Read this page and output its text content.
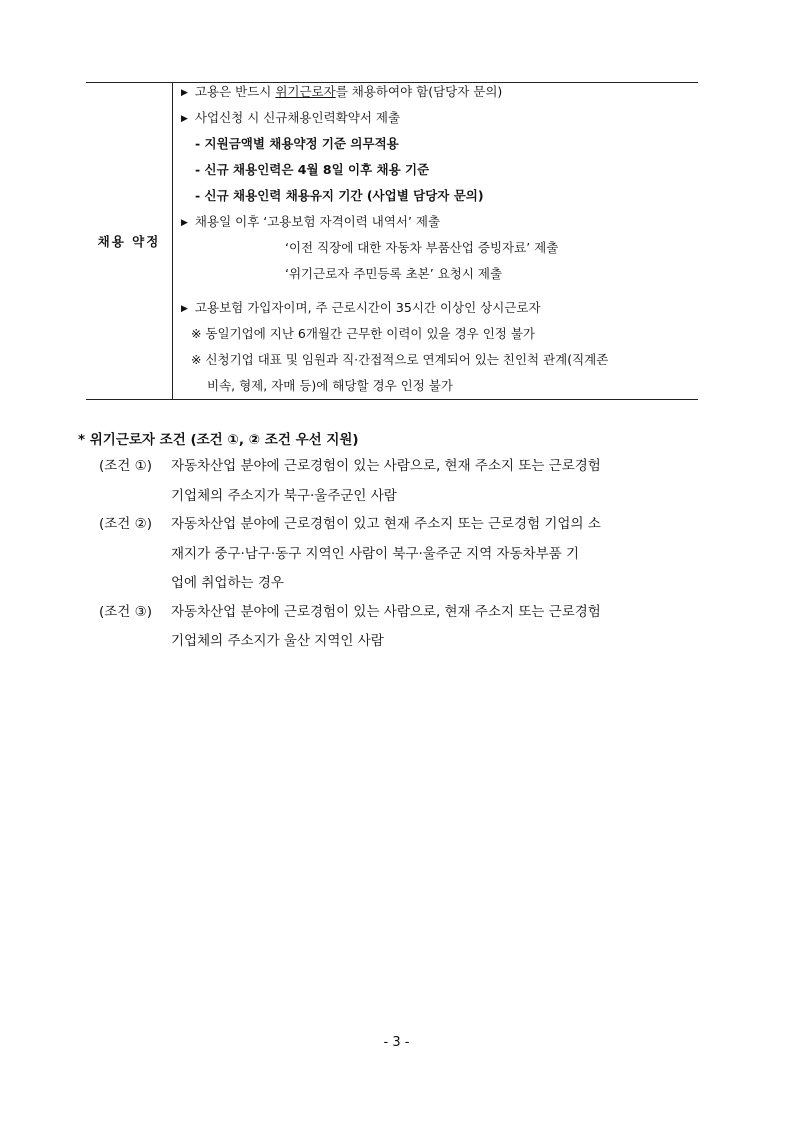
채용 약정
▶ 고용은 반드시 위기근로자를 채용하여야 함(담당자 문의)
▶ 사업신청 시 신규채용인력확약서 제출
- 지원금액별 채용약정 기준 의무적용
- 신규 채용인력은 4월 8일 이후 채용 기준
- 신규 채용인력 채용유지 기간 (사업별 담당자 문의)
▶ 채용일 이후 ‘고용보험 자격이력 내역서’ 제출
‘이전 직장에 대한 자동차 부품산업 증빙자료’ 제출
‘위기근로자 주민등록 초본’ 요청시 제출
▶ 고용보험 가입자이며, 주 근로시간이 35시간 이상인 상시근로자
※ 동일기업에 지난 6개월간 근무한 이력이 있을 경우 인정 불가
※ 신청기업 대표 및 임원과 직·간접적으로 연계되어 있는 친인척 관계(직계존
비속, 형제, 자매 등)에 해당할 경우 인정 불가
* 위기근로자 조건 (조건 ①, ② 조건 우선 지원)
(조건 ①) 자동차산업 분야에 근로경험이 있는 사람으로, 현재 주소지 또는 근로경험
기업체의 주소지가 북구·울주군인 사람
(조건 ②) 자동차산업 분야에 근로경험이 있고 현재 주소지 또는 근로경험 기업의 소
재지가 중구·남구·동구 지역인 사람이 북구·울주군 지역 자동차부품 기
업에 취업하는 경우
(조건 ③) 자동차산업 분야에 근로경험이 있는 사람으로, 현재 주소지 또는 근로경험
기업체의 주소지가 울산 지역인 사람
- 3 -
